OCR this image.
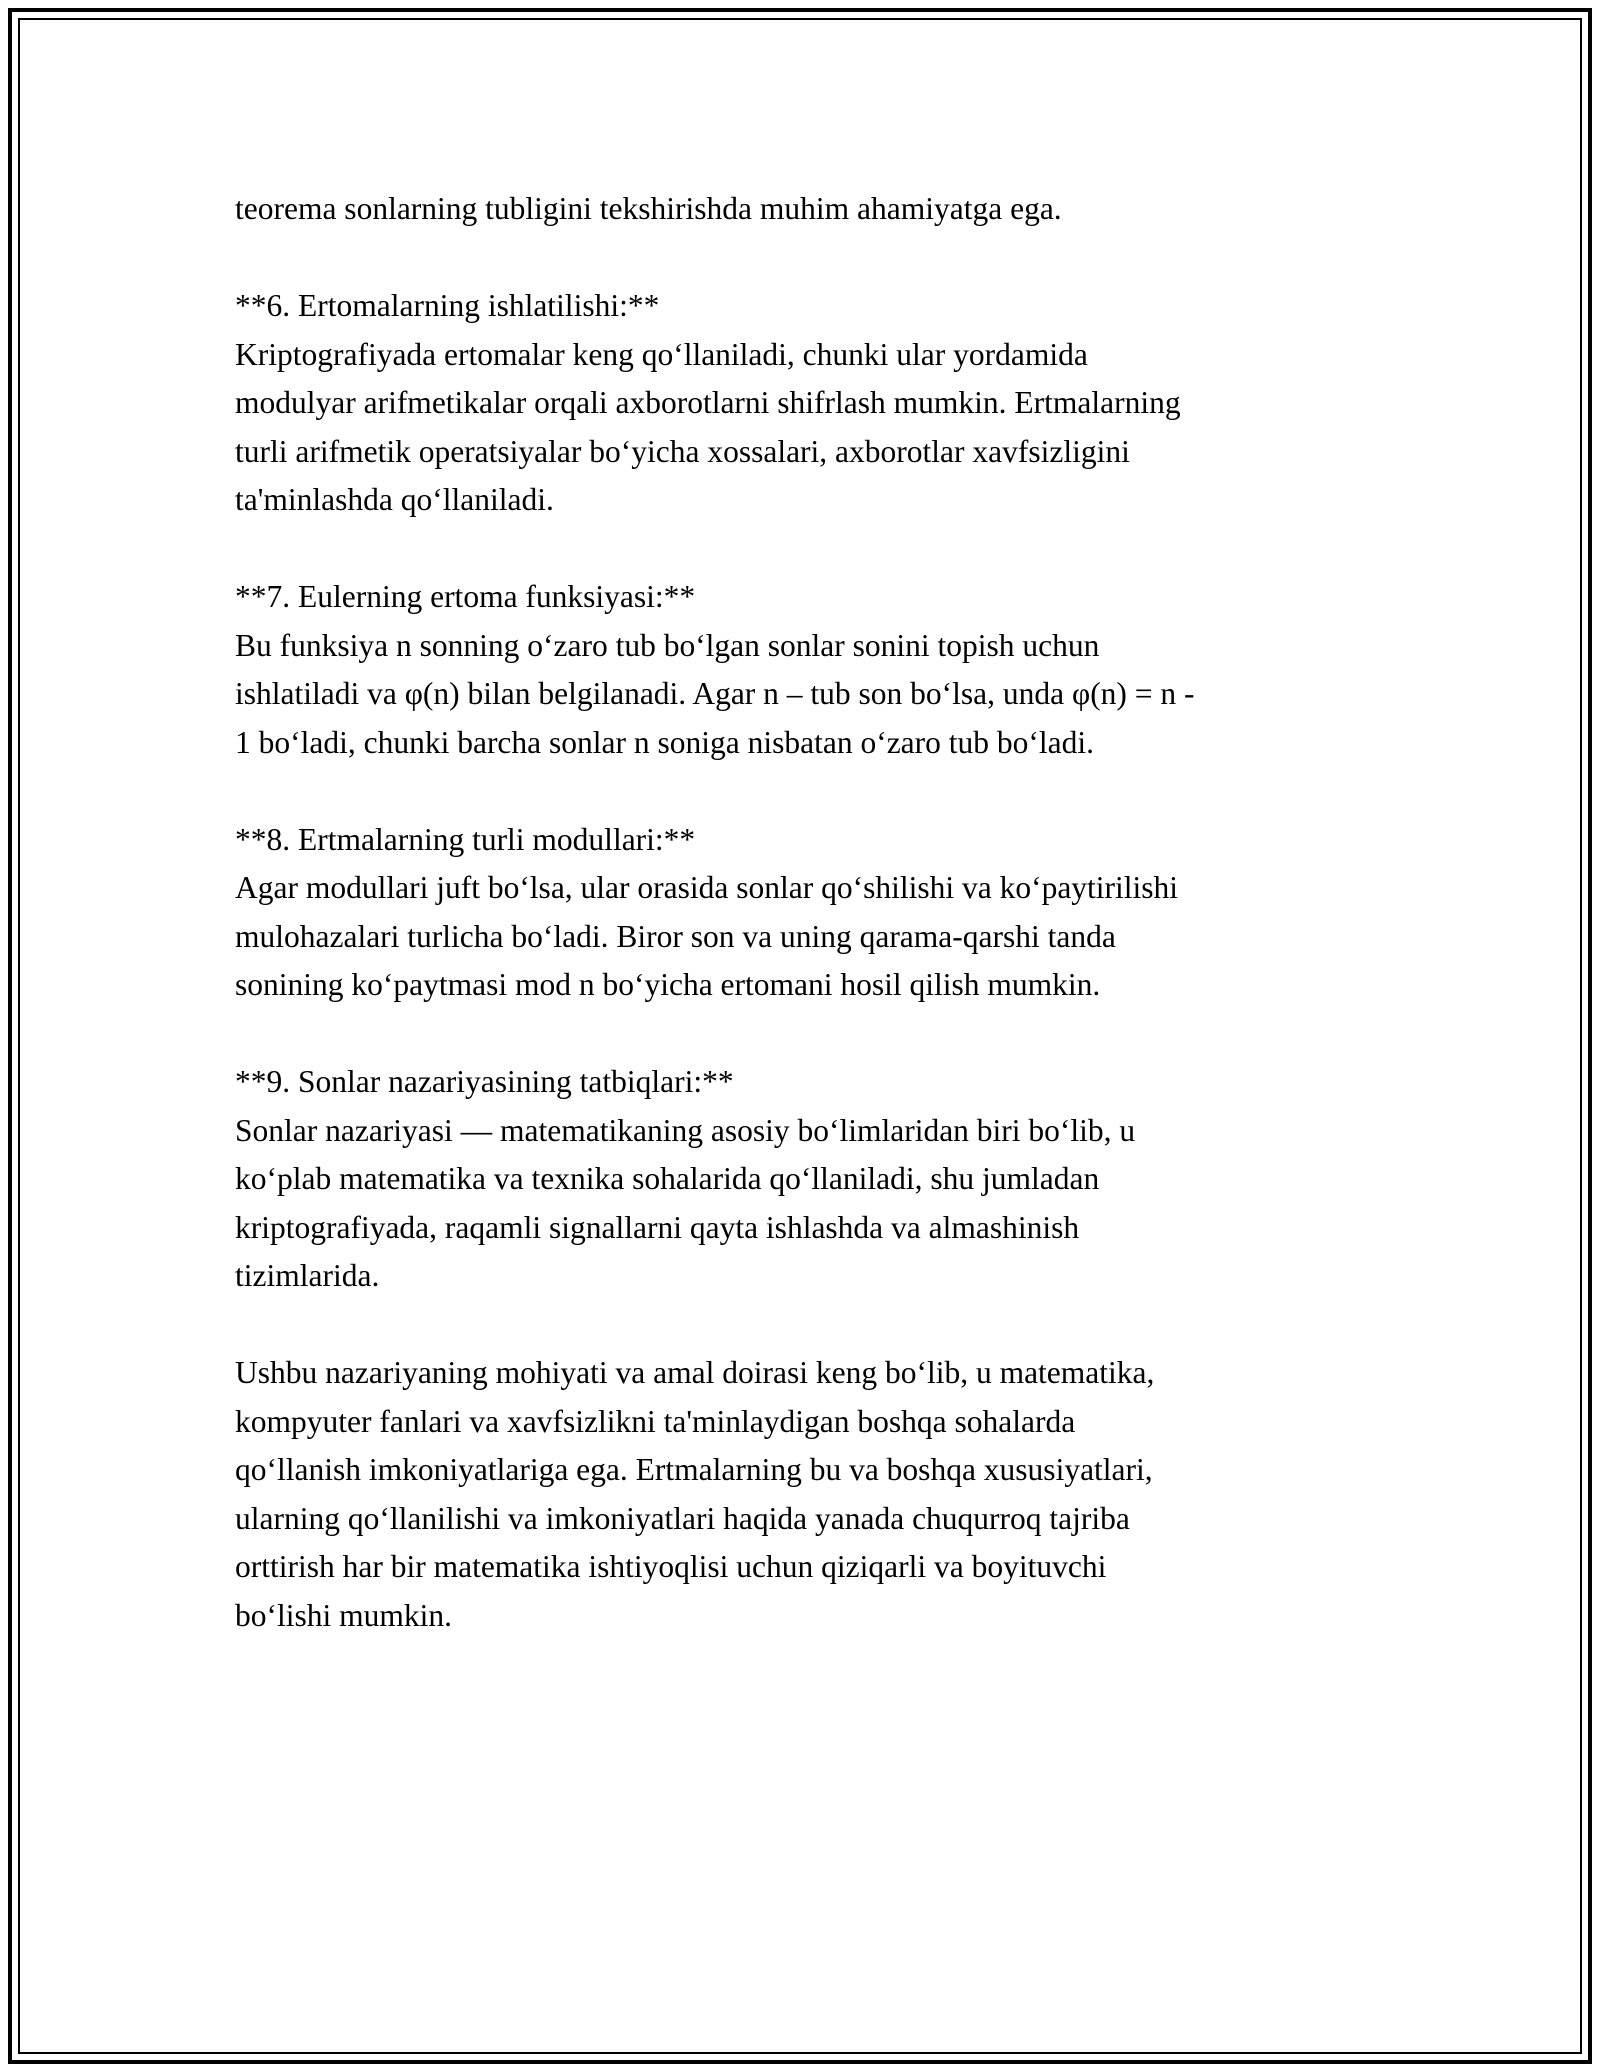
teorema sonlarning tubligini tekshirishda muhim ahamiyatga ega.

**6. Ertomalarning ishlatilishi:**
Kriptografiyada ertomalar keng qo‘llaniladi, chunki ular yordamida
modulyar arifmetikalar orqali axborotlarni shifrlash mumkin. Ertmalarning
turli arifmetik operatsiyalar bo‘yicha xossalari, axborotlar xavfsizligini
ta'minlashda qo‘llaniladi.

**7. Eulerning ertoma funksiyasi:**
Bu funksiya n sonning o‘zaro tub bo‘lgan sonlar sonini topish uchun
ishlatiladi va φ(n) bilan belgilanadi. Agar n – tub son bo‘lsa, unda φ(n) = n -
1 bo‘ladi, chunki barcha sonlar n soniga nisbatan o‘zaro tub bo‘ladi.

**8. Ertmalarning turli modullari:**
Agar modullari juft bo‘lsa, ular orasida sonlar qo‘shilishi va ko‘paytirilishi
mulohazalari turlicha bo‘ladi. Biror son va uning qarama-qarshi tanda
sonining ko‘paytmasi mod n bo‘yicha ertomani hosil qilish mumkin.

**9. Sonlar nazariyasining tatbiqlari:**
Sonlar nazariyasi — matematikaning asosiy bo‘limlaridan biri bo‘lib, u
ko‘plab matematika va texnika sohalarida qo‘llaniladi, shu jumladan
kriptografiyada, raqamli signallarni qayta ishlashda va almashinish
tizimlarida.

Ushbu nazariyaning mohiyati va amal doirasi keng bo‘lib, u matematika,
kompyuter fanlari va xavfsizlikni ta'minlaydigan boshqa sohalarda
qo‘llanish imkoniyatlariga ega. Ertmalarning bu va boshqa xususiyatlari,
ularning qo‘llanilishi va imkoniyatlari haqida yanada chuqurroq tajriba
orttirish har bir matematika ishtiyoqlisi uchun qiziqarli va boyituvchi
bo‘lishi mumkin.
